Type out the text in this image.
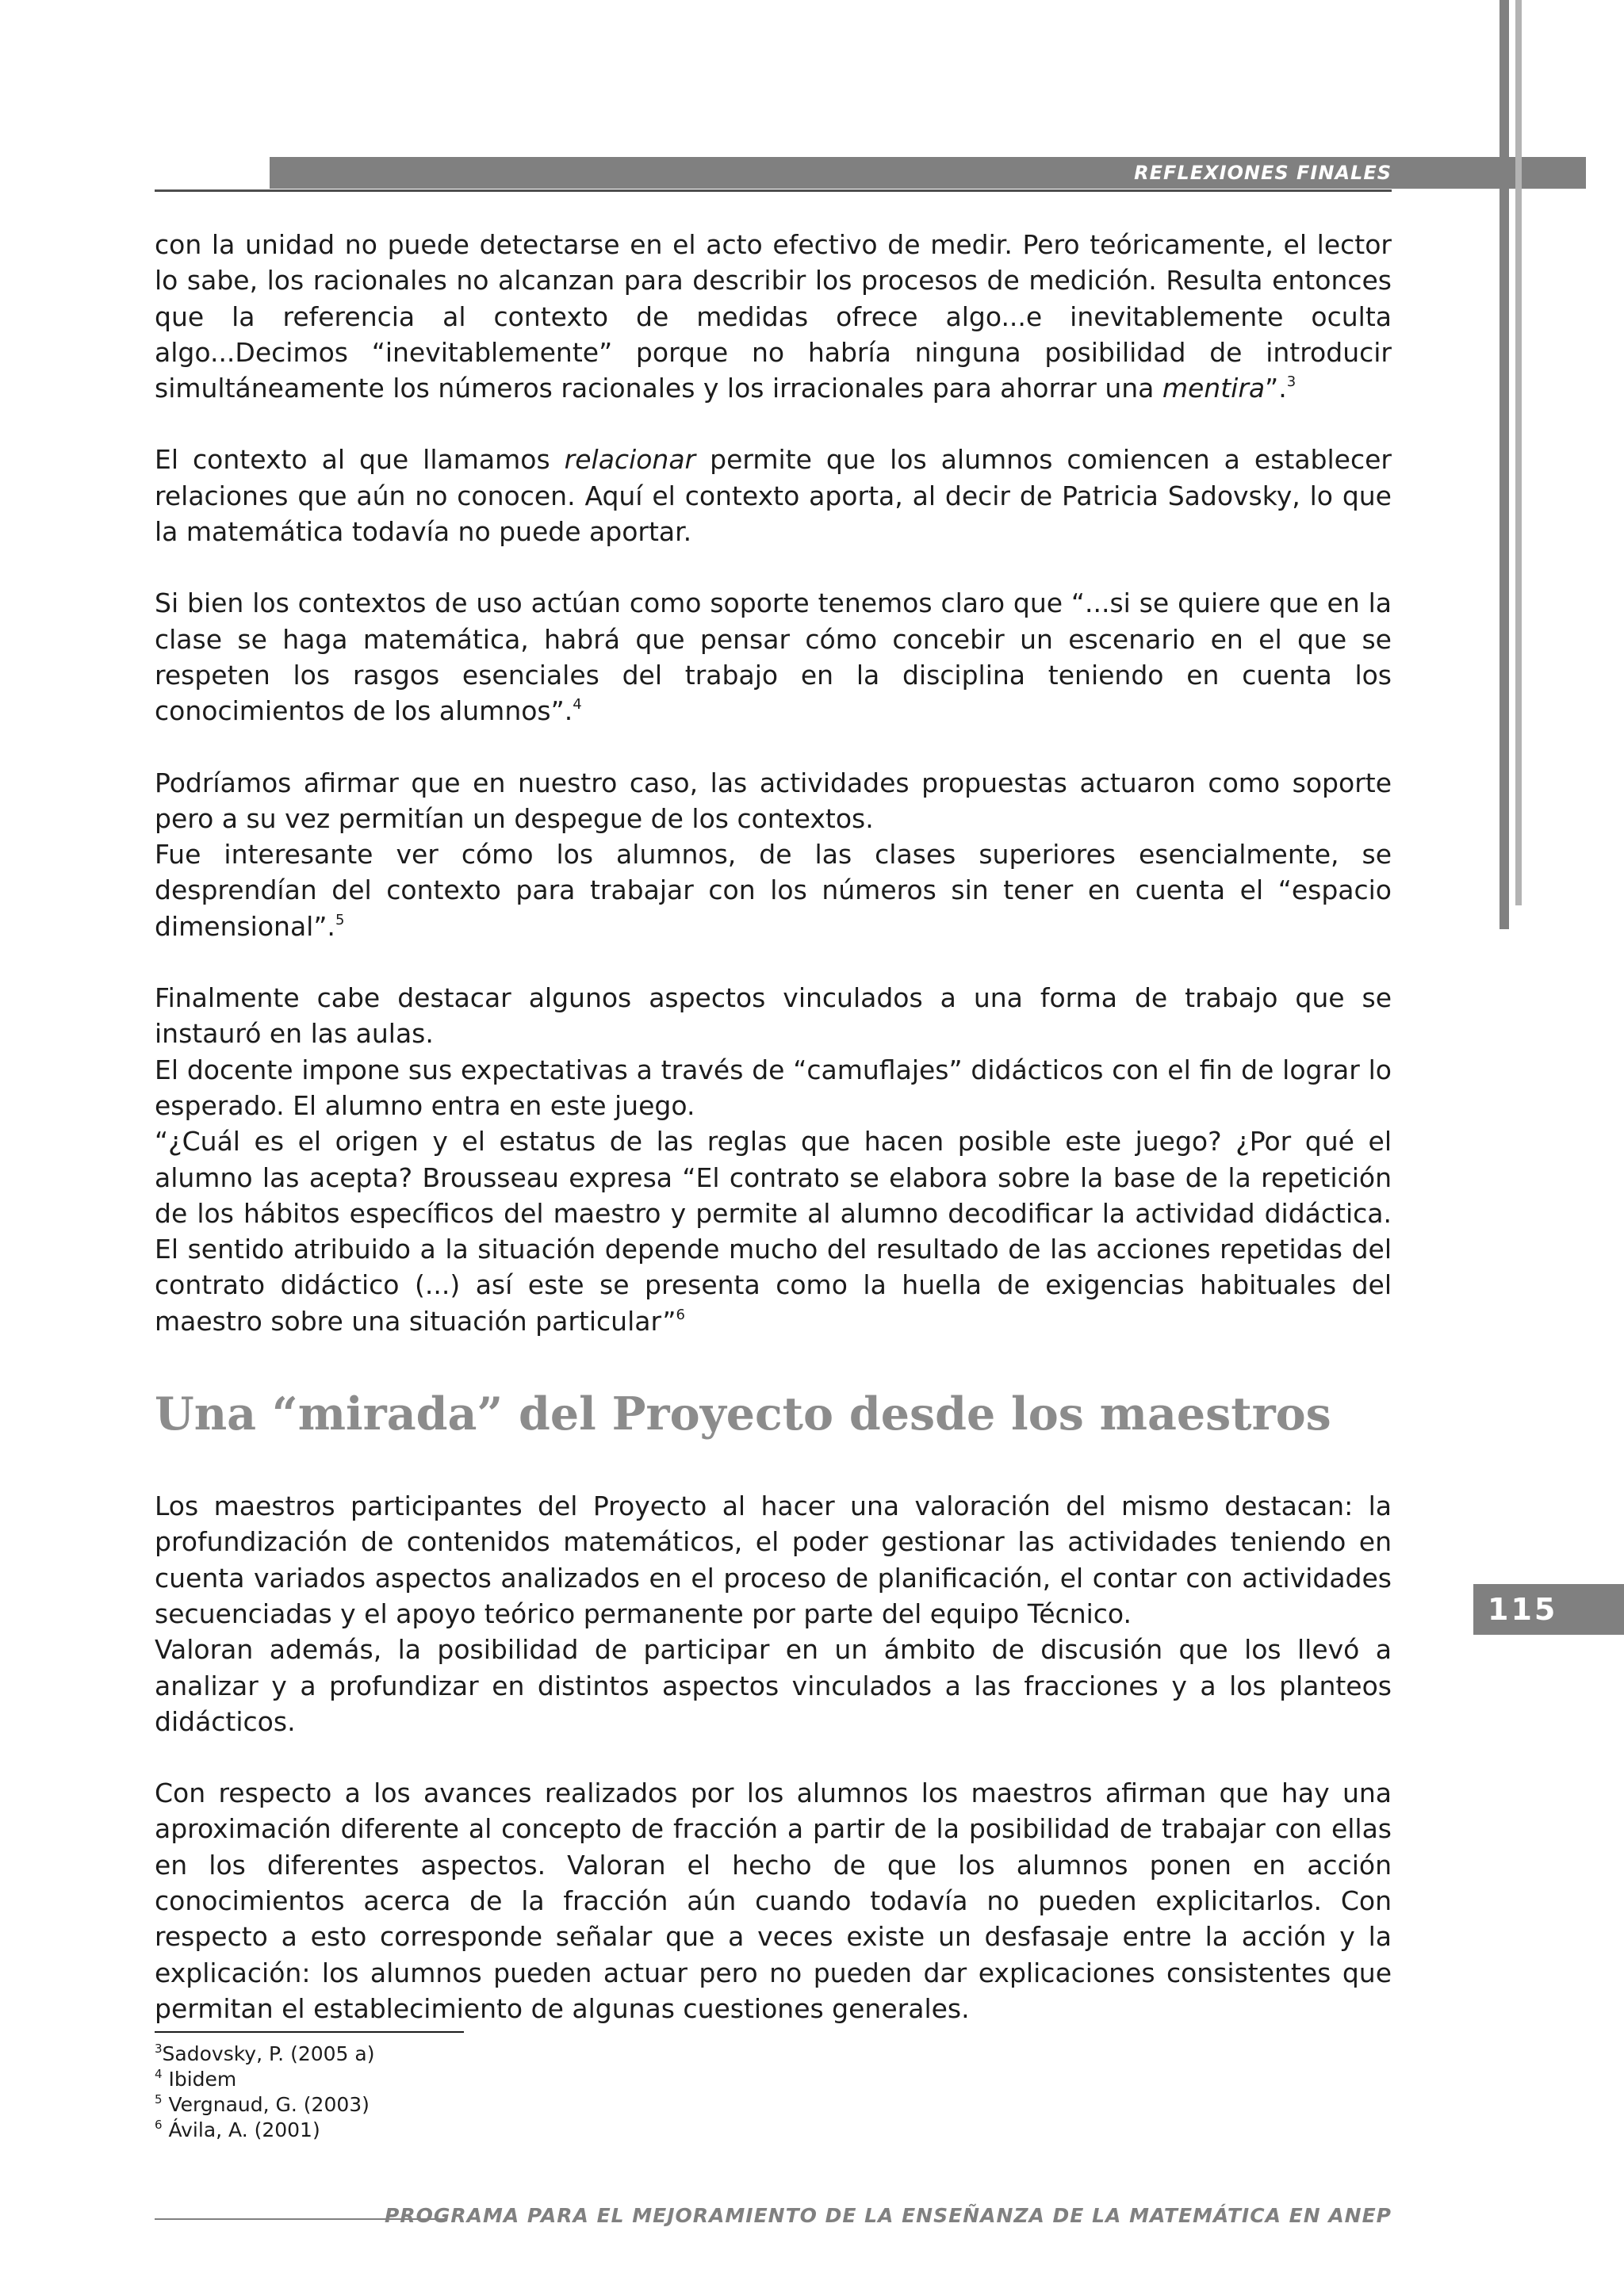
REFLEXIONES FINALES
115

con la unidad no puede detectarse en el acto efectivo de medir. Pero teóricamente, el lector lo sabe, los racionales no alcanzan para describir los procesos de medición. Resulta entonces que la referencia al contexto de medidas ofrece algo...e inevitablemente oculta algo...Decimos “inevitablemente” porque no habría ninguna posibilidad de introducir simultáneamente los números racionales y los irracionales para ahorrar una mentira”.$^3$

El contexto al que llamamos relacionar permite que los alumnos comiencen a establecer relaciones que aún no conocen. Aquí el contexto aporta, al decir de Patricia Sadovsky, lo que la matemática todavía no puede aportar.

Si bien los contextos de uso actúan como soporte tenemos claro que “...si se quiere que en la clase se haga matemática, habrá que pensar cómo concebir un escenario en el que se respeten los rasgos esenciales del trabajo en la disciplina teniendo en cuenta los conocimientos de los alumnos”.$^4$

Podríamos afirmar que en nuestro caso, las actividades propuestas actuaron como soporte pero a su vez permitían un despegue de los contextos.

Fue interesante ver cómo los alumnos, de las clases superiores esencialmente, se desprendían del contexto para trabajar con los números sin tener en cuenta el “espacio dimensional”.$^5$

Finalmente cabe destacar algunos aspectos vinculados a una forma de trabajo que se instauró en las aulas.

El docente impone sus expectativas a través de “camuflajes” didácticos con el fin de lograr lo esperado. El alumno entra en este juego.

“¿Cuál es el origen y el estatus de las reglas que hacen posible este juego? ¿Por qué el alumno las acepta? Brousseau expresa “El contrato se elabora sobre la base de la repetición de los hábitos específicos del maestro y permite al alumno decodificar la actividad didáctica. El sentido atribuido a la situación depende mucho del resultado de las acciones repetidas del contrato didáctico (...) así este se presenta como la huella de exigencias habituales del maestro sobre una situación particular”$^6$

Una “mirada” del Proyecto desde los maestros

Los maestros participantes del Proyecto al hacer una valoración del mismo destacan: la profundización de contenidos matemáticos, el poder gestionar las actividades teniendo en cuenta variados aspectos analizados en el proceso de planificación, el contar con actividades secuenciadas y el apoyo teórico permanente por parte del equipo Técnico.

Valoran además, la posibilidad de participar en un ámbito de discusión que los llevó a analizar y a profundizar en distintos aspectos vinculados a las fracciones y a los planteos didácticos.

Con respecto a los avances realizados por los alumnos los maestros afirman que hay una aproximación diferente al concepto de fracción a partir de la posibilidad de trabajar con ellas en los diferentes aspectos. Valoran el hecho de que los alumnos ponen en acción conocimientos acerca de la fracción aún cuando todavía no pueden explicitarlos. Con respecto a esto corresponde señalar que a veces existe un desfasaje entre la acción y la explicación: los alumnos pueden actuar pero no pueden dar explicaciones consistentes que permitan el establecimiento de algunas cuestiones generales.

$^3$Sadovsky, P. (2005 a)
$^4$ Ibidem
$^5$ Vergnaud, G. (2003)
$^6$ Ávila, A. (2001)
PROGRAMA PARA EL MEJORAMIENTO DE LA ENSEÑANZA DE LA MATEMÁTICA EN ANEP
